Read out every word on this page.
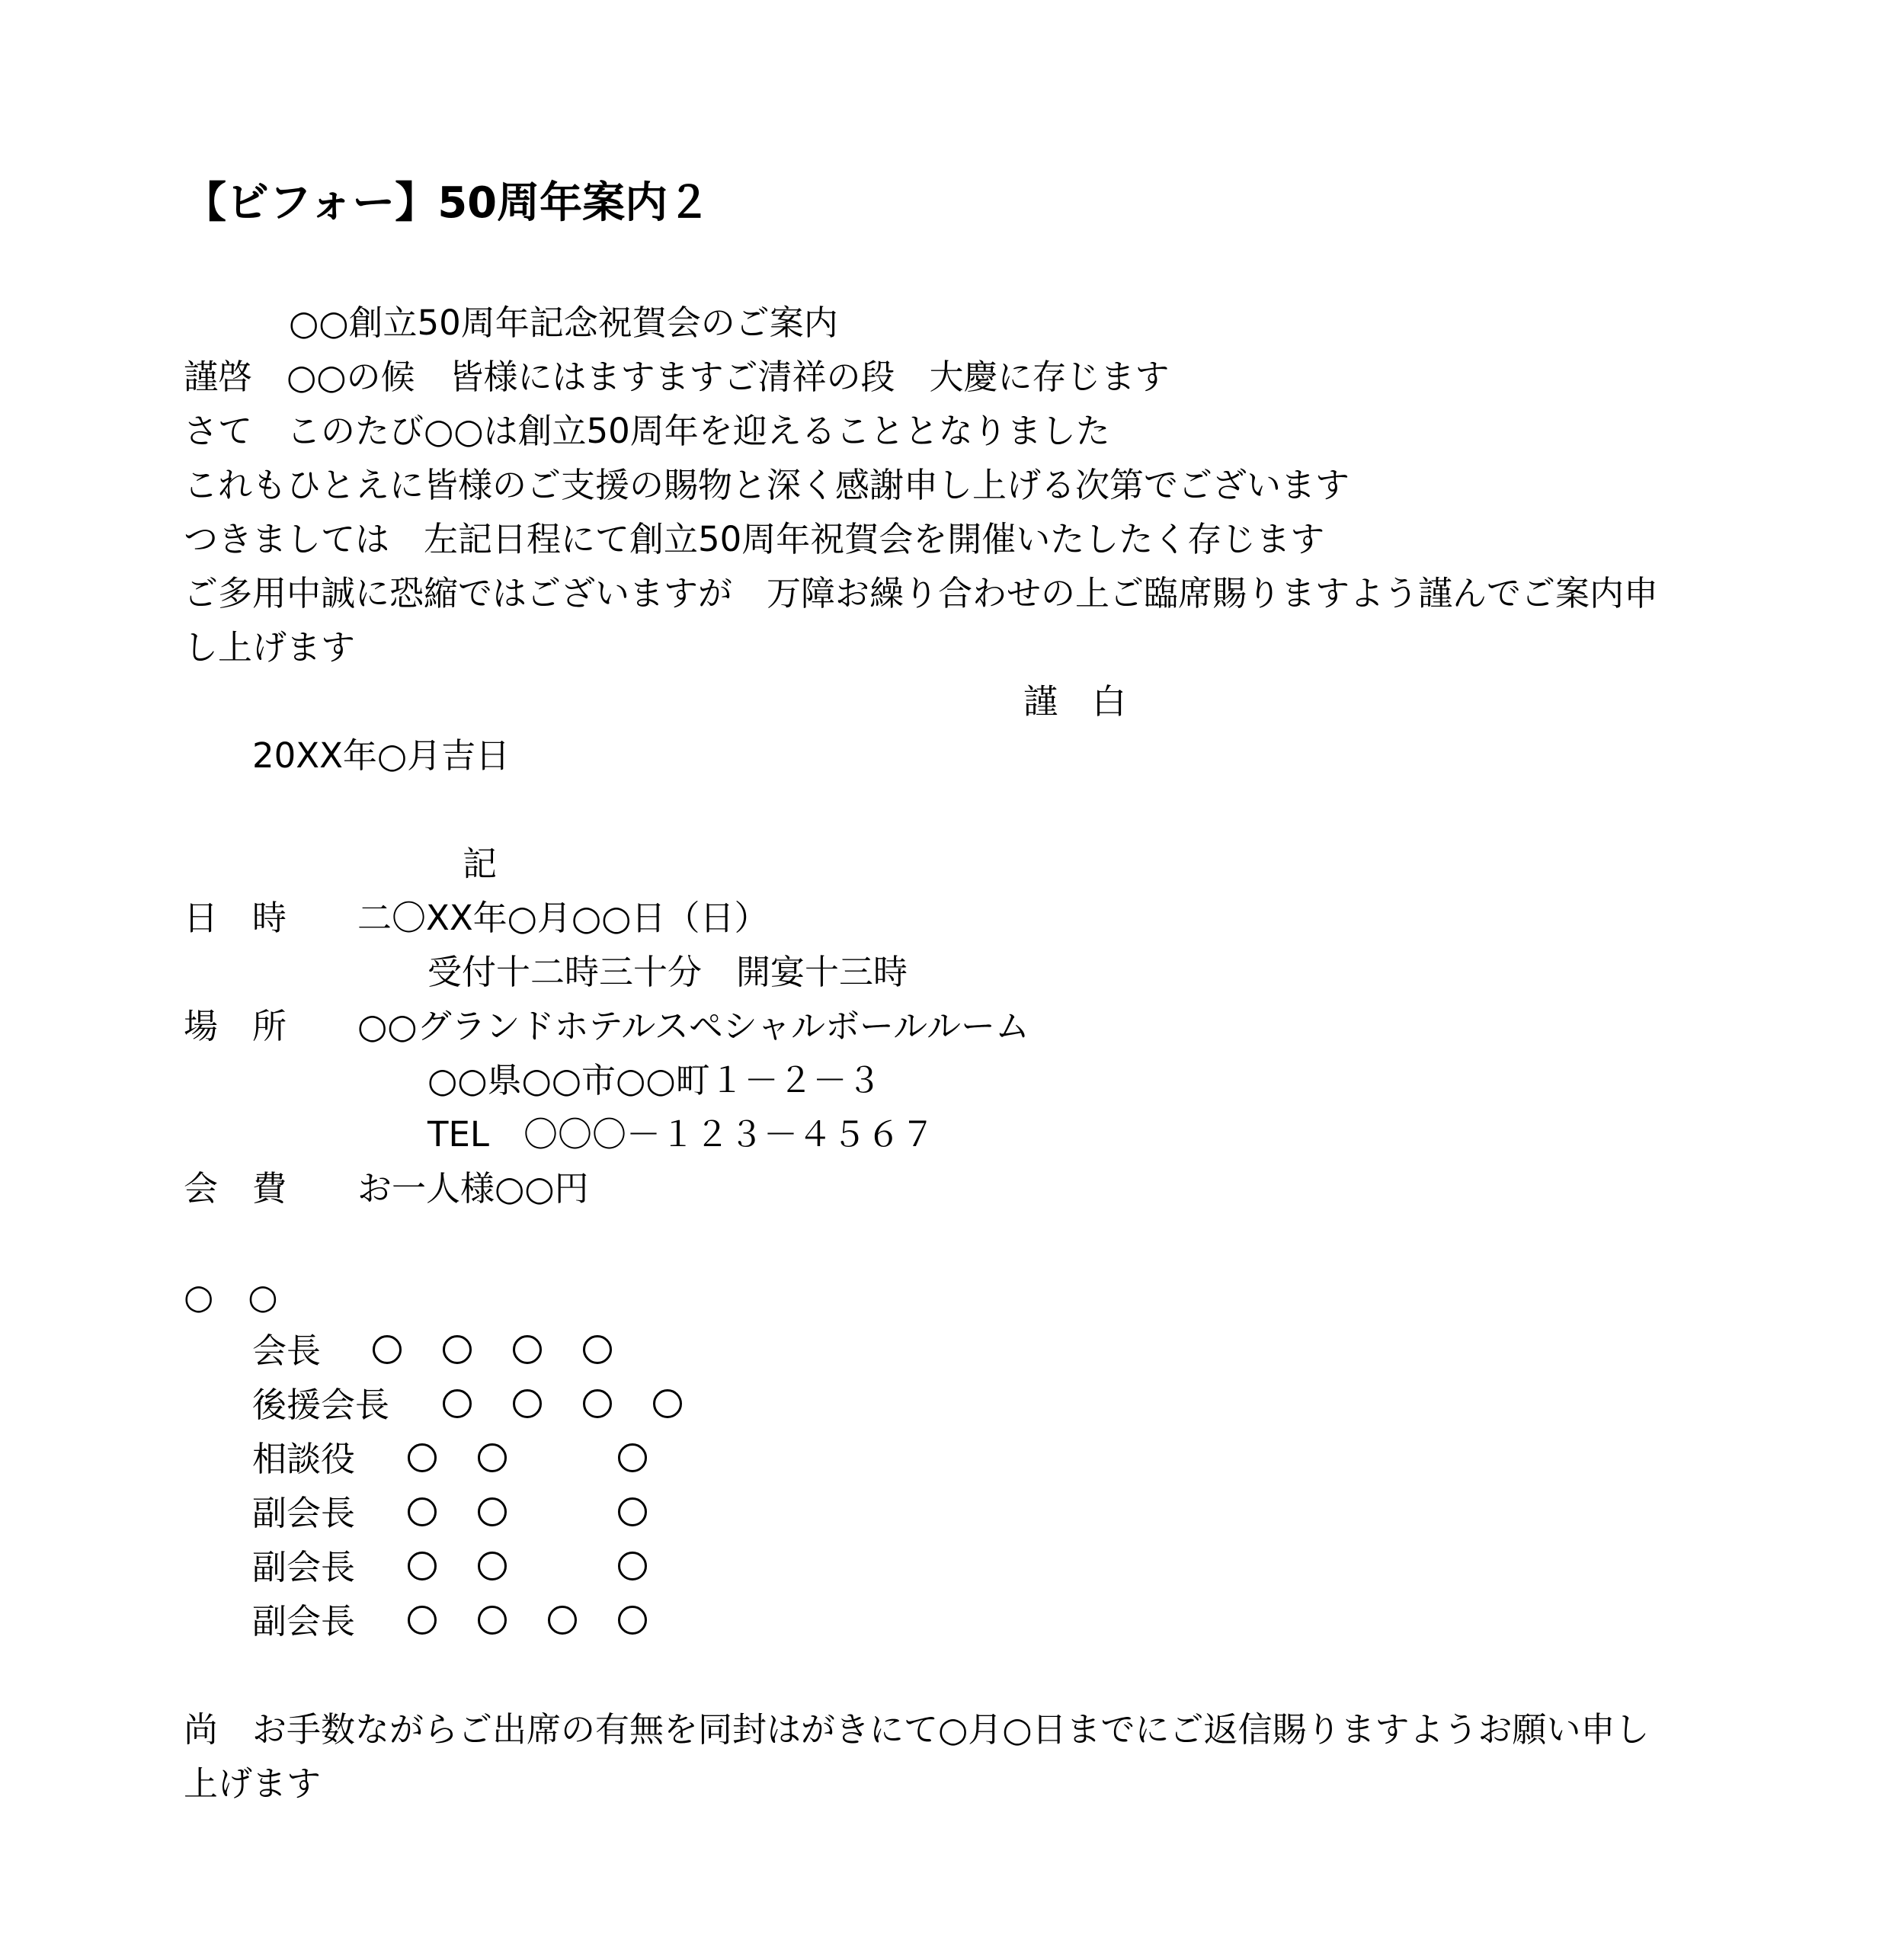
【ビフォー】50周年案内２
○○創立50周年記念祝賀会のご案内
謹啓　○○の候　皆様にはますますご清祥の段　大慶に存じます
さて　このたび○○は創立50周年を迎えることとなりました
これもひとえに皆様のご支援の賜物と深く感謝申し上げる次第でございます
つきましては　左記日程にて創立50周年祝賀会を開催いたしたく存じます
ご多用中誠に恐縮ではございますが　万障お繰り合わせの上ご臨席賜りますよう謹んでご案内申
し上げます
謹　白
20XX年○月吉日
記
日　時 二〇XX年○月○○日（日）
受付十二時三十分　開宴十三時
場　所 ○○グランドホテルスペシャルボールルーム
○○県○○市○○町１－２－３
TEL　〇〇〇－１２３－４５６７
会　費 お一人様○○円
○　○
会長
後援会長
相談役
副会長
副会長
副会長
尚　お手数ながらご出席の有無を同封はがきにて○月○日までにご返信賜りますようお願い申し
上げます
